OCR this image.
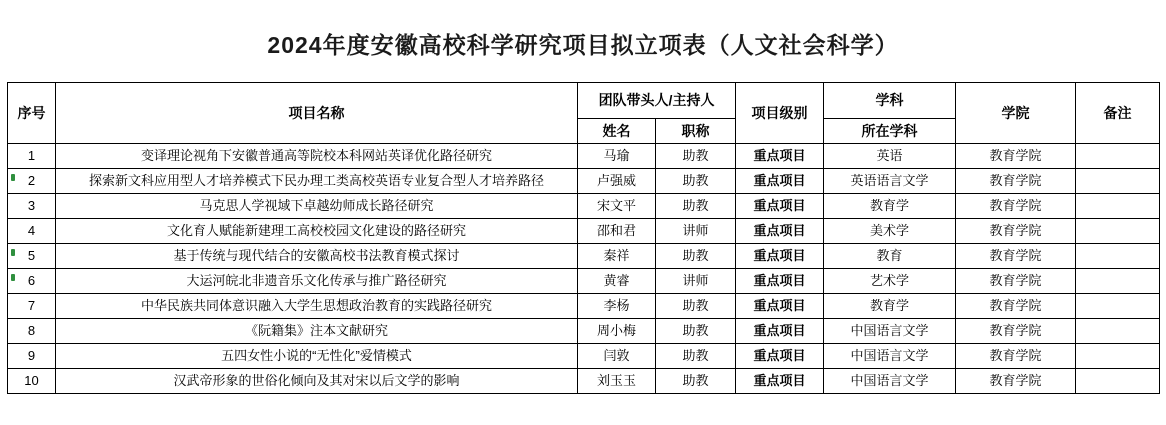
2024年度安徽高校科学研究项目拟立项表（人文社会科学）
序号	项目名称	团队带头人/主持人		项目级别	学科	学院	备注
		姓名	职称		所在学科		
1	变译理论视角下安徽普通高等院校本科网站英译优化路径研究	马瑜	助教	重点项目	英语	教育学院	

2	探索新文科应用型人才培养模式下民办理工类高校英语专业复合型人才培养路径	卢强威	助教	重点项目	英语语言文学	教育学院	
3	马克思人学视域下卓越幼师成长路径研究	宋文平	助教	重点项目	教育学	教育学院	
4	文化育人赋能新建理工高校校园文化建设的路径研究	邵和君	讲师	重点项目	美术学	教育学院	

5	基于传统与现代结合的安徽高校书法教育模式探讨	秦祥	助教	重点项目	教育	教育学院	

6	大运河皖北非遗音乐文化传承与推广路径研究	黄睿	讲师	重点项目	艺术学	教育学院	
7	中华民族共同体意识融入大学生思想政治教育的实践路径研究	李杨	助教	重点项目	教育学	教育学院	
8	《阮籍集》注本文献研究	周小梅	助教	重点项目	中国语言文学	教育学院	
9	五四女性小说的“无性化”爱情模式	闫敦	助教	重点项目	中国语言文学	教育学院	
10	汉武帝形象的世俗化倾向及其对宋以后文学的影响	刘玉玉	助教	重点项目	中国语言文学	教育学院	
